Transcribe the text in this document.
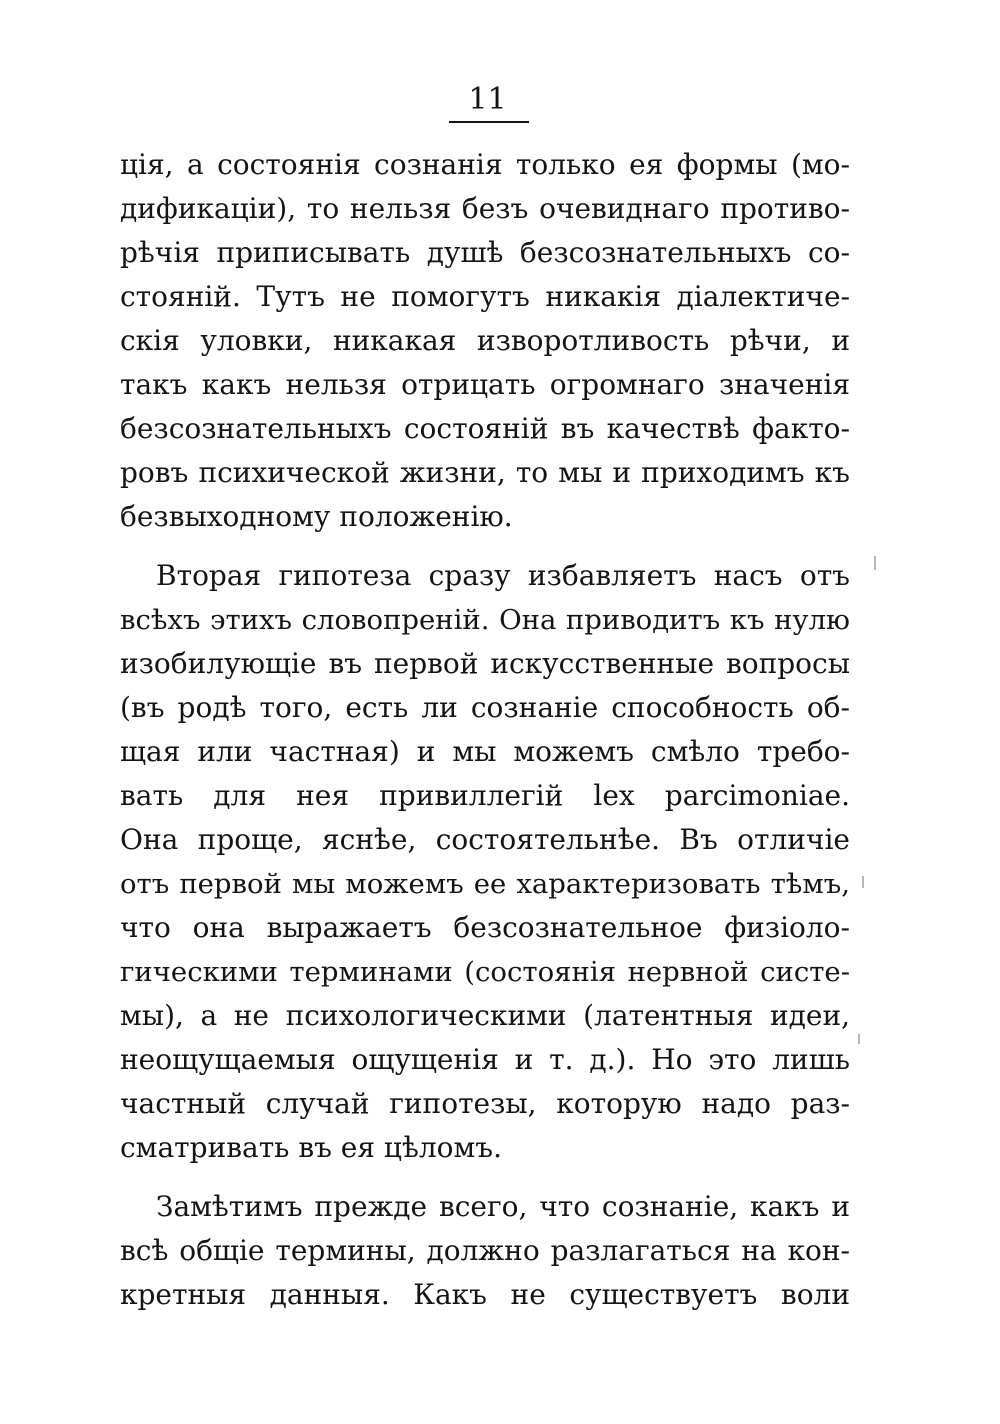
11
ція, а состоянія сознанія только ея формы (мо-
дификаціи), то нельзя безъ очевиднаго противо-
рѣчія приписывать душѣ безсознательныхъ со-
стояній. Тутъ не помогутъ никакія діалектиче-
скія уловки, никакая изворотливость рѣчи, и
такъ какъ нельзя отрицать огромнаго значенія
безсознательныхъ состояній въ качествѣ факто-
ровъ психической жизни, то мы и приходимъ къ
безвыходному положенію.
Вторая гипотеза сразу избавляетъ насъ отъ
всѣхъ этихъ словопреній. Она приводитъ къ нулю
изобилующіе въ первой искусственные вопросы
(въ родѣ того, есть ли сознаніе способность об-
щая или частная) и мы можемъ смѣло требо-
вать для нея привиллегій lex parcimoniae.
Она проще, яснѣе, состоятельнѣе. Въ отличіе
отъ первой мы можемъ ее характеризовать тѣмъ,
что она выражаетъ безсознательное физіоло-
гическими терминами (состоянія нервной систе-
мы), а не психологическими (латентныя идеи,
неощущаемыя ощущенія и т. д.). Но это лишь
частный случай гипотезы, которую надо раз-
сматривать въ ея цѣломъ.
Замѣтимъ прежде всего, что сознаніе, какъ и
всѣ общіе термины, должно разлагаться на кон-
кретныя данныя. Какъ не существуетъ воли
